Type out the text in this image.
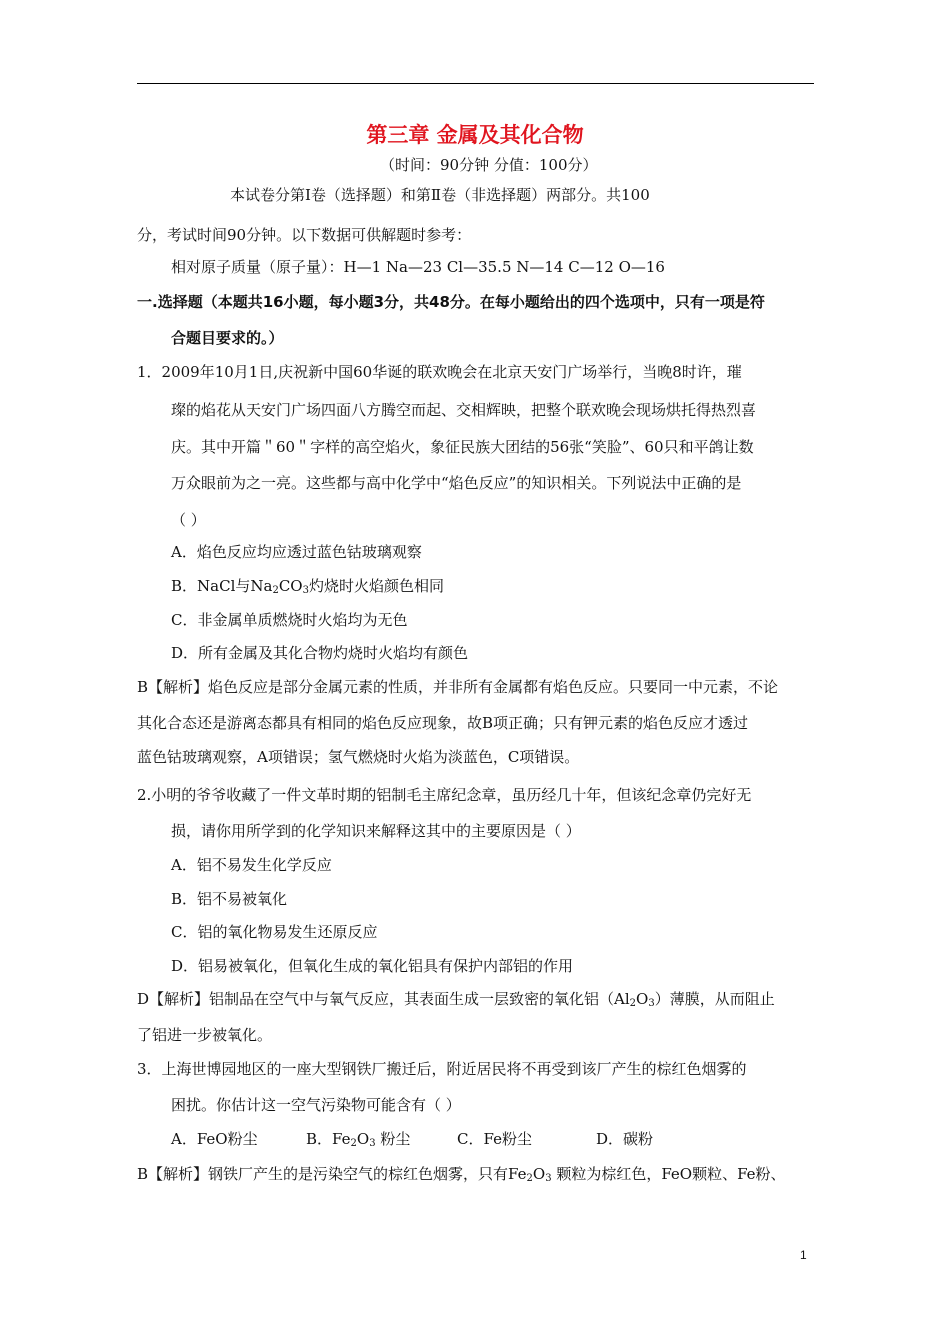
第三章 金属及其化合物
（时间：90分钟 分值：100分）
本试卷分第Ⅰ卷（选择题）和第Ⅱ卷（非选择题）两部分。共100
分，考试时间90分钟。以下数据可供解题时参考：
相对原子质量（原子量）：H—1 Na—23 Cl—35.5 N—14 C—12 O—16
一.选择题（本题共16小题，每小题3分，共48分。在每小题给出的四个选项中，只有一项是符
合题目要求的。）
1．2009年10月1日,庆祝新中国60华诞的联欢晚会在北京天安门广场举行，当晚8时许，璀
璨的焰花从天安门广场四面八方腾空而起、交相辉映，把整个联欢晚会现场烘托得热烈喜
庆。其中开篇＂60＂字样的高空焰火，象征民族大团结的56张“笑脸”、60只和平鸽让数
万众眼前为之一亮。这些都与高中化学中“焰色反应”的知识相关。下列说法中正确的是
（ ）
A．焰色反应均应透过蓝色钴玻璃观察
B．NaCl与$Na_2CO_3$灼烧时火焰颜色相同
C．非金属单质燃烧时火焰均为无色
D．所有金属及其化合物灼烧时火焰均有颜色
B【解析】焰色反应是部分金属元素的性质，并非所有金属都有焰色反应。只要同一中元素，不论
其化合态还是游离态都具有相同的焰色反应现象，故B项正确；只有钾元素的焰色反应才透过
蓝色钴玻璃观察，A项错误；氢气燃烧时火焰为淡蓝色，C项错误。
2.小明的爷爷收藏了一件文革时期的铝制毛主席纪念章，虽历经几十年，但该纪念章仍完好无
损，请你用所学到的化学知识来解释这其中的主要原因是（ ）
A．铝不易发生化学反应
B．铝不易被氧化
C．铝的氧化物易发生还原反应
D．铝易被氧化，但氧化生成的氧化铝具有保护内部铝的作用
D【解析】铝制品在空气中与氧气反应，其表面生成一层致密的氧化铝$(Al_2O_3)$薄膜，从而阻止
了铝进一步被氧化。
3．上海世博园地区的一座大型钢铁厂搬迁后，附近居民将不再受到该厂产生的棕红色烟雾的
困扰。你估计这一空气污染物可能含有（ ）
A．FeO粉尘	B．$Fe_2O_3$ 粉尘	C．Fe粉尘	D．碳粉
B【解析】钢铁厂产生的是污染空气的棕红色烟雾，只有$Fe_2O_3$ 颗粒为棕红色，FeO颗粒、Fe粉、
1
